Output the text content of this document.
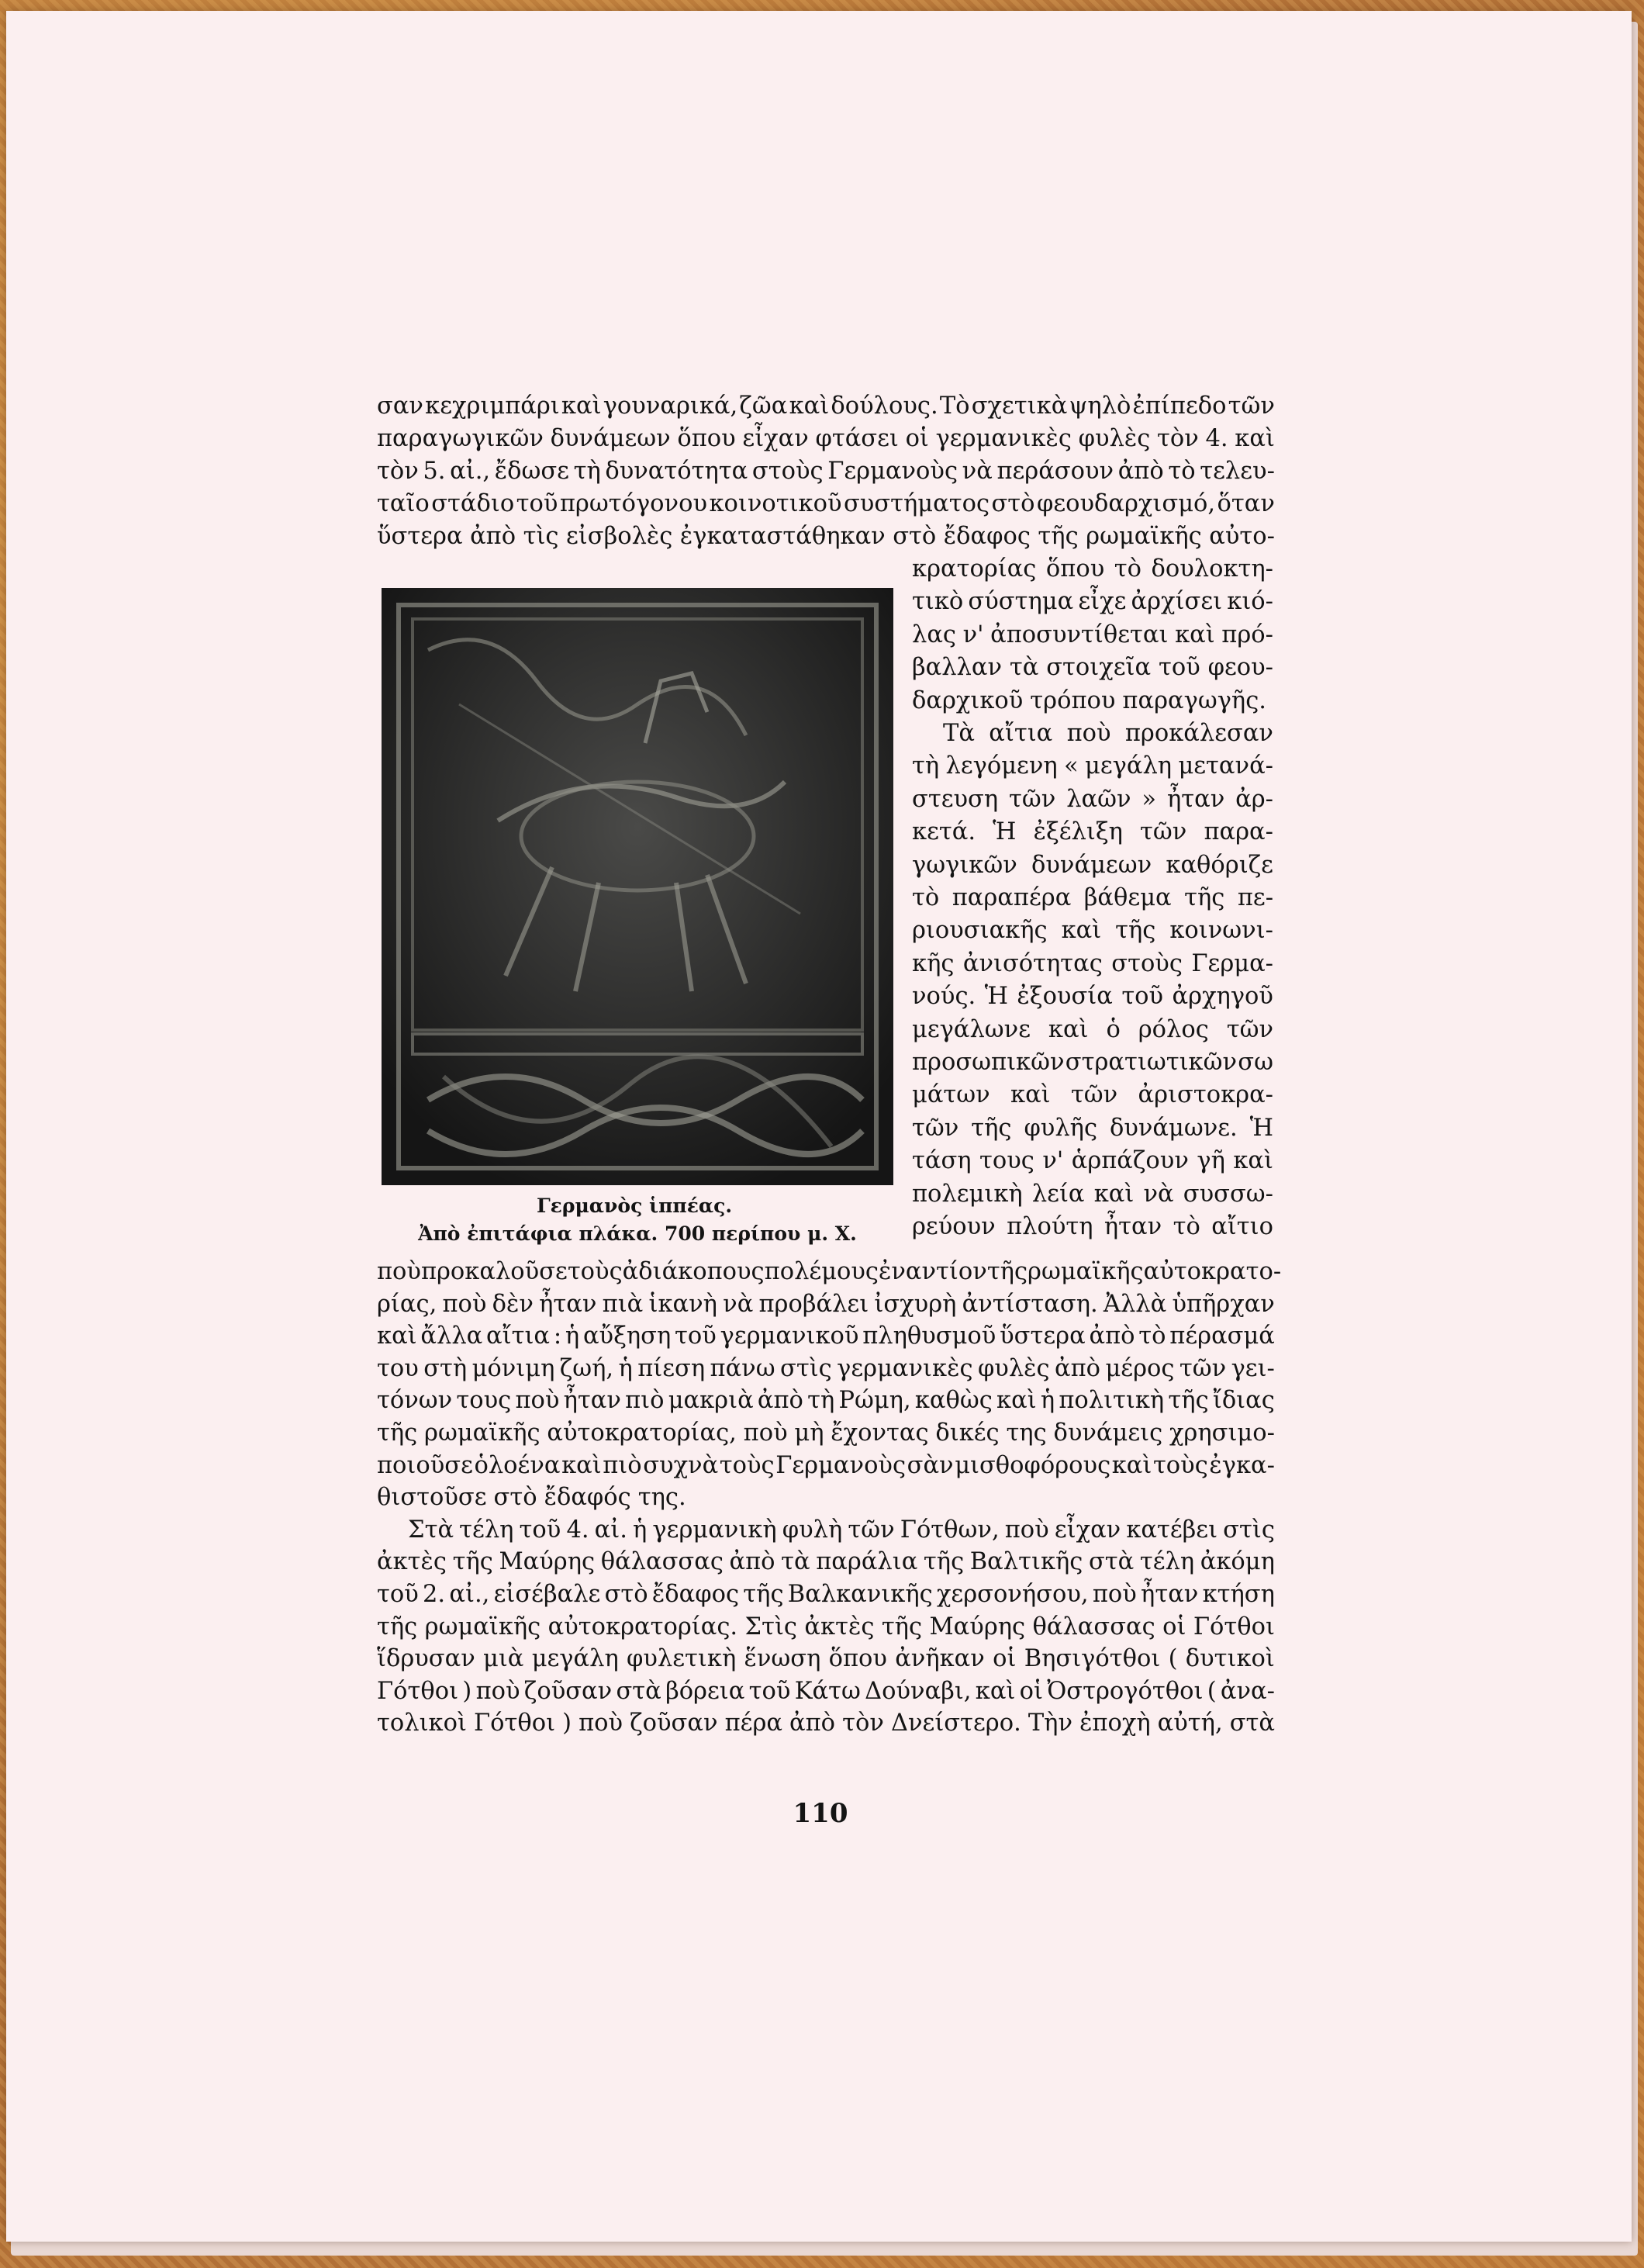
σαν κεχριμπάρι καὶ γουναρικά, ζῶα καὶ δούλους. Τὸ σχετικὰ ψηλὸ ἐπίπεδο τῶν
παραγωγικῶν δυνάμεων ὅπου εἶχαν φτάσει οἱ γερμανικὲς φυλὲς τὸν 4. καὶ
τὸν 5. αἰ., ἔδωσε τὴ δυνατότητα στοὺς Γερμανοὺς νὰ περάσουν ἀπὸ τὸ τελευ-
ταῖο στάδιο τοῦ πρωτόγονου κοινοτικοῦ συστήματος στὸ φεουδαρχισμό, ὅταν
ὕστερα ἀπὸ τὶς εἰσβολὲς ἐγκαταστάθηκαν στὸ ἔδαφος τῆς ρωμαϊκῆς αὐτο-
Γερμανὸς ἱππέας.
Ἀπὸ ἐπιτάφια πλάκα. 700 περίπου μ. Χ.
κρατορίας ὅπου τὸ δουλοκτη-
τικὸ σύστημα εἶχε ἀρχίσει κιό-
λας ν' ἀποσυντίθεται καὶ πρό-
βαλλαν τὰ στοιχεῖα τοῦ φεου-
δαρχικοῦ τρόπου παραγωγῆς.
Τὰ αἴτια ποὺ προκάλεσαν
τὴ λεγόμενη « μεγάλη μετανά-
στευση τῶν λαῶν » ἦταν ἀρ-
κετά. Ἡ ἐξέλιξη τῶν παρα-
γωγικῶν δυνάμεων καθόριζε
τὸ παραπέρα βάθεμα τῆς πε-
ριουσιακῆς καὶ τῆς κοινωνι-
κῆς ἀνισότητας στοὺς Γερμα-
νούς. Ἡ ἐξουσία τοῦ ἀρχηγοῦ
μεγάλωνε καὶ ὁ ρόλος τῶν
προσωπικῶν στρατιωτικῶν σω
μάτων καὶ τῶν ἀριστοκρα-
τῶν τῆς φυλῆς δυνάμωνε. Ἡ
τάση τους ν' ἁρπάζουν γῆ καὶ
πολεμικὴ λεία καὶ νὰ συσσω-
ρεύουν πλούτη ἦταν τὸ αἴτιο
ποὺ προκαλοῦσε τοὺς ἀδιάκοπους πολέμους ἐναντίον τῆς ρωμαϊκῆς αὐτοκρατο-
ρίας, ποὺ δὲν ἦταν πιὰ ἱκανὴ νὰ προβάλει ἰσχυρὴ ἀντίσταση. Ἀλλὰ ὑπῆρχαν
καὶ ἄλλα αἴτια : ἡ αὔξηση τοῦ γερμανικοῦ πληθυσμοῦ ὕστερα ἀπὸ τὸ πέρασμά
του στὴ μόνιμη ζωή, ἡ πίεση πάνω στὶς γερμανικὲς φυλὲς ἀπὸ μέρος τῶν γει-
τόνων τους ποὺ ἦταν πιὸ μακριὰ ἀπὸ τὴ Ρώμη, καθὼς καὶ ἡ πολιτικὴ τῆς ἴδιας
τῆς ρωμαϊκῆς αὐτοκρατορίας, ποὺ μὴ ἔχοντας δικές της δυνάμεις χρησιμο-
ποιοῦσε ὁλοένα καὶ πιὸ συχνὰ τοὺς Γερμανοὺς σὰν μισθοφόρους καὶ τοὺς ἐγκα-
θιστοῦσε στὸ ἔδαφός της.
Στὰ τέλη τοῦ 4. αἰ. ἡ γερμανικὴ φυλὴ τῶν Γότθων, ποὺ εἶχαν κατέβει στὶς
ἀκτὲς τῆς Μαύρης θάλασσας ἀπὸ τὰ παράλια τῆς Βαλτικῆς στὰ τέλη ἀκόμη
τοῦ 2. αἰ., εἰσέβαλε στὸ ἔδαφος τῆς Βαλκανικῆς χερσονήσου, ποὺ ἦταν κτήση
τῆς ρωμαϊκῆς αὐτοκρατορίας. Στὶς ἀκτὲς τῆς Μαύρης θάλασσας οἱ Γότθοι
ἵδρυσαν μιὰ μεγάλη φυλετικὴ ἕνωση ὅπου ἀνῆκαν οἱ Βησιγότθοι ( δυτικοὶ
Γότθοι ) ποὺ ζοῦσαν στὰ βόρεια τοῦ Κάτω Δούναβι, καὶ οἱ Ὀστρογότθοι ( ἀνα-
τολικοὶ Γότθοι ) ποὺ ζοῦσαν πέρα ἀπὸ τὸν Δνείστερο. Τὴν ἐποχὴ αὐτή, στὰ
110
